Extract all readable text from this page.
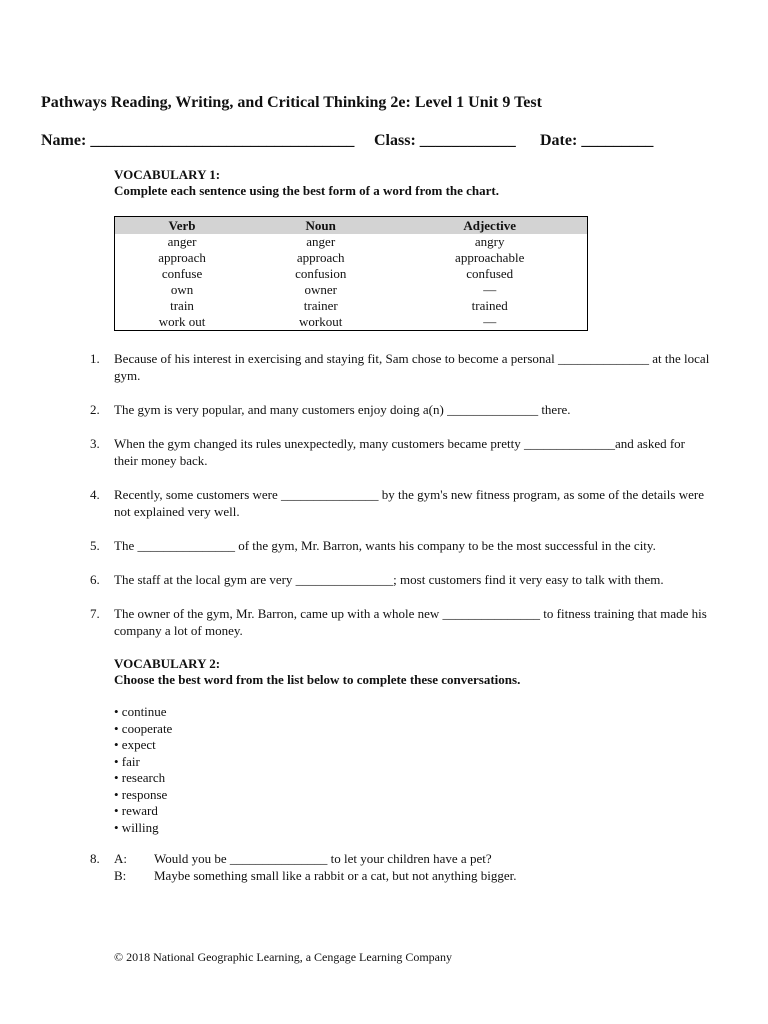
Pathways Reading, Writing, and Critical Thinking 2e: Level 1 Unit 9 Test
Name: _________________________________ Class: ____________ Date: _________
VOCABULARY 1:
Complete each sentence using the best form of a word from the chart.
Verb	Noun	Adjective
anger	anger	angry
approach	approach	approachable
confuse	confusion	confused
own	owner	—
train	trainer	trained
work out	workout	—
1. Because of his interest in exercising and staying fit, Sam chose to become a personal ______________ at the local gym.
2. The gym is very popular, and many customers enjoy doing a(n) ______________ there.
3. When the gym changed its rules unexpectedly, many customers became pretty ______________and asked for their money back.
4. Recently, some customers were _______________ by the gym's new fitness program, as some of the details were not explained very well.
5. The _______________ of the gym, Mr. Barron, wants his company to be the most successful in the city.
6. The staff at the local gym are very _______________; most customers find it very easy to talk with them.
7. The owner of the gym, Mr. Barron, came up with a whole new _______________ to fitness training that made his company a lot of money.
VOCABULARY 2:
Choose the best word from the list below to complete these conversations.
• continue
• cooperate
• expect
• fair
• research
• response
• reward
• willing
8. A: Would you be _______________ to let your children have a pet?
B: Maybe something small like a rabbit or a cat, but not anything bigger.
© 2018 National Geographic Learning, a Cengage Learning Company
